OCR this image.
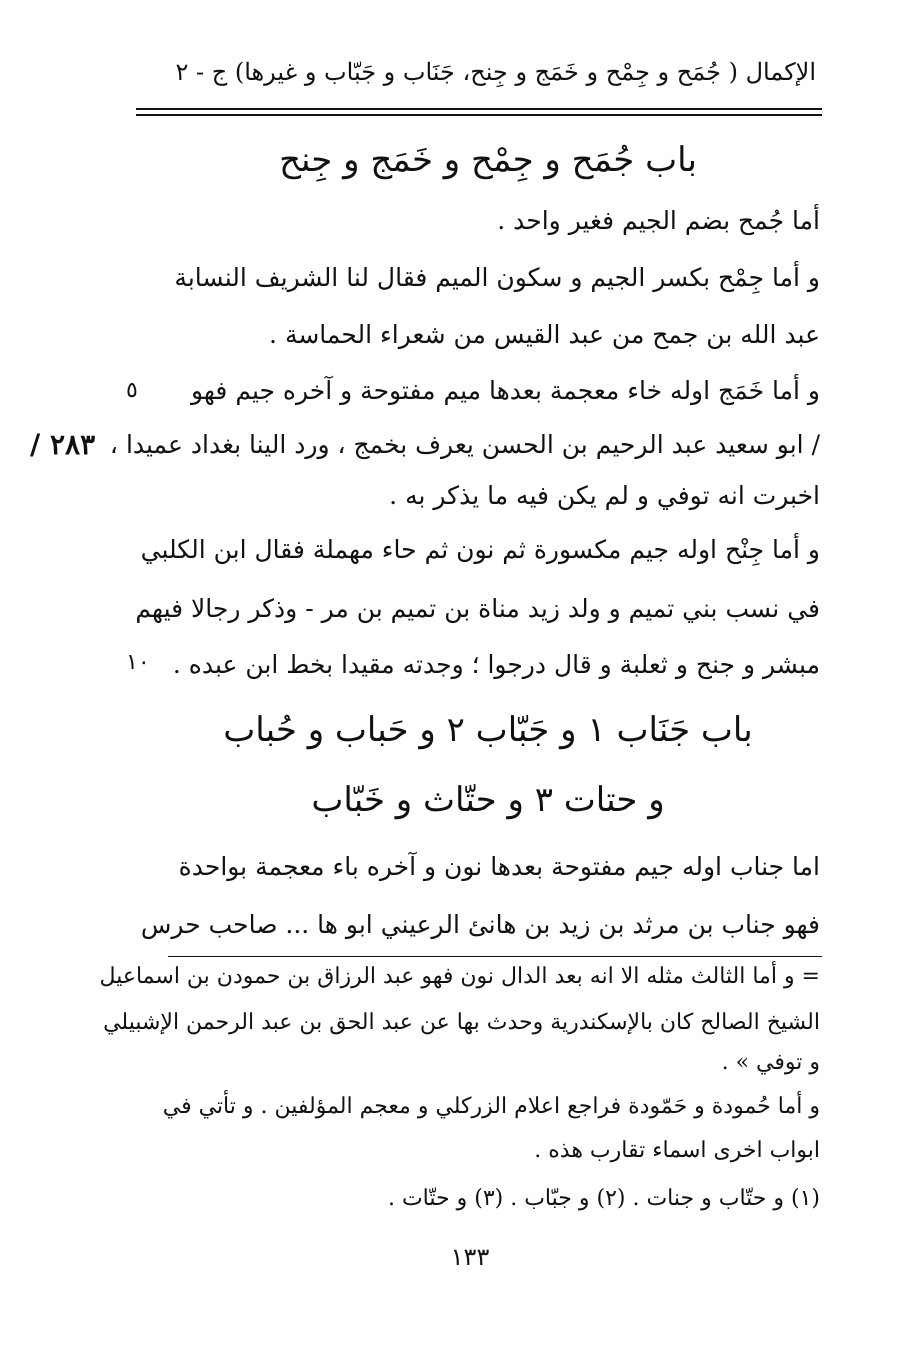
الإكمال ( جُمَح و جِمْح و خَمَج و جِنح، جَنَاب و جَبّاب و غيرها) ج - ٢
باب جُمَح و جِمْح و خَمَج و جِنح
أما جُمح بضم الجيم فغير واحد .
و أما جِمْح بكسر الجيم و سكون الميم فقال لنا الشريف النسابة
عبد الله بن جمح من عبد القيس من شعراء الحماسة .
و أما خَمَج اوله خاء معجمة بعدها ميم مفتوحة و آخره جيم فهو
/ ابو سعيد عبد الرحيم بن الحسن يعرف بخمج ، ورد الينا بغداد عميدا ،
اخبرت انه توفي و لم يكن فيه ما يذكر به .
و أما جِنْح اوله جيم مكسورة ثم نون ثم حاء مهملة فقال ابن الكلبي
في نسب بني تميم و ولد زيد مناة بن تميم بن مر - وذكر رجالا فيهم
مبشر و جنح و ثعلبة و قال درجوا ؛ وجدته مقيدا بخط ابن عبده .
٥
١٠
٢٨٣ /
باب جَنَاب ١ و جَبّاب ٢ و حَباب و حُباب
و حتات ٣ و حتّاث و خَبّاب
اما جناب اوله جيم مفتوحة بعدها نون و آخره باء معجمة بواحدة
فهو جناب بن مرثد بن زيد بن هانئ الرعيني ابو ها ... صاحب حرس
= و أما الثالث مثله الا انه بعد الدال نون فهو عبد الرزاق بن حمودن بن اسماعيل
الشيخ الصالح كان بالإسكندرية وحدث بها عن عبد الحق بن عبد الرحمن الإشبيلي
و توفي » .
و أما حُمودة و حَمّودة فراجع اعلام الزركلي و معجم المؤلفين . و تأتي في
ابواب اخرى اسماء تقارب هذه .
(١) و حتّاب و جنات . (٢) و جبّاب . (٣) و حتّات .
١٣٣
